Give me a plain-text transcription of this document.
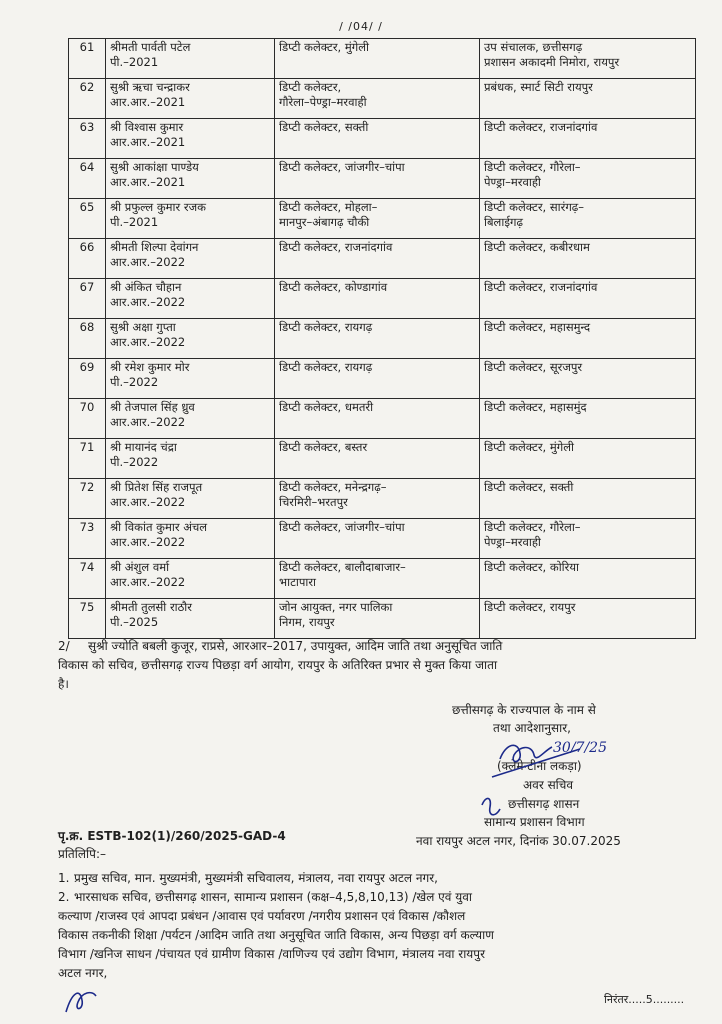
/ /04/ /
61	श्रीमती पार्वती पटेल
पी.–2021	डिप्टी कलेक्टर, मुंगेली	उप संचालक, छत्तीसगढ़
प्रशासन अकादमी निमोरा, रायपुर

62	सुश्री ऋचा चन्द्राकर
आर.आर.–2021	डिप्टी कलेक्टर,
गौरेला–पेण्ड्रा–मरवाही	प्रबंधक, स्मार्ट सिटी रायपुर

63	श्री विश्वास कुमार
आर.आर.–2021	डिप्टी कलेक्टर, सक्ती	डिप्टी कलेक्टर, राजनांदगांव

64	सुश्री आकांक्षा पाण्डेय
आर.आर.–2021	डिप्टी कलेक्टर, जांजगीर–चांपा	डिप्टी कलेक्टर, गौरेला–
पेण्ड्रा–मरवाही

65	श्री प्रफुल्ल कुमार रजक
पी.–2021	डिप्टी कलेक्टर, मोहला–
मानपुर–अंबागढ़ चौकी	डिप्टी कलेक्टर, सारंगढ़–
बिलाईगढ़

66	श्रीमती शिल्पा देवांगन
आर.आर.–2022	डिप्टी कलेक्टर, राजनांदगांव	डिप्टी कलेक्टर, कबीरधाम

67	श्री अंकित चौहान
आर.आर.–2022	डिप्टी कलेक्टर, कोण्डागांव	डिप्टी कलेक्टर, राजनांदगांव

68	सुश्री अक्षा गुप्ता
आर.आर.–2022	डिप्टी कलेक्टर, रायगढ़	डिप्टी कलेक्टर, महासमुन्द

69	श्री रमेश कुमार मोर
पी.–2022	डिप्टी कलेक्टर, रायगढ़	डिप्टी कलेक्टर, सूरजपुर

70	श्री तेजपाल सिंह ध्रुव
आर.आर.–2022	डिप्टी कलेक्टर, धमतरी	डिप्टी कलेक्टर, महासमुंद

71	श्री मायानंद चंद्रा
पी.–2022	डिप्टी कलेक्टर, बस्तर	डिप्टी कलेक्टर, मुंगेली

72	श्री प्रितेश सिंह राजपूत
आर.आर.–2022	डिप्टी कलेक्टर, मनेन्द्रगढ़–
चिरमिरी–भरतपुर	डिप्टी कलेक्टर, सक्ती

73	श्री विकांत कुमार अंचल
आर.आर.–2022	डिप्टी कलेक्टर, जांजगीर–चांपा	डिप्टी कलेक्टर, गौरेला–
पेण्ड्रा–मरवाही

74	श्री अंशुल वर्मा
आर.आर.–2022	डिप्टी कलेक्टर, बालौदाबाजार–
भाटापारा	डिप्टी कलेक्टर, कोरिया

75	श्रीमती तुलसी राठौर
पी.–2025	जोन आयुक्त, नगर पालिका
निगम, रायपुर	डिप्टी कलेक्टर, रायपुर
2/ सुश्री ज्योति बबली कुजूर, राप्रसे, आरआर–2017, उपायुक्त, आदिम जाति तथा अनुसूचित जाति
विकास को सचिव, छत्तीसगढ़ राज्य पिछड़ा वर्ग आयोग, रायपुर के अतिरिक्त प्रभार से मुक्त किया जाता
है।
छत्तीसगढ़ के राज्यपाल के नाम से
तथा आदेशानुसार,
30/7/25
(क्लेमेन्टीना लकड़ा)
अवर सचिव
छत्तीसगढ़ शासन
सामान्य प्रशासन विभाग
नवा रायपुर अटल नगर, दिनांक 30.07.2025
पृ.क्र. ESTB-102(1)/260/2025-GAD-4
प्रतिलिपि:–
1. प्रमुख सचिव, मान. मुख्यमंत्री, मुख्यमंत्री सचिवालय, मंत्रालय, नवा रायपुर अटल नगर,
2. भारसाधक सचिव, छत्तीसगढ़ शासन, सामान्य प्रशासन (कक्ष–4,5,8,10,13) /खेल एवं युवा
कल्याण /राजस्व एवं आपदा प्रबंधन /आवास एवं पर्यावरण /नगरीय प्रशासन एवं विकास /कौशल
विकास तकनीकी शिक्षा /पर्यटन /आदिम जाति तथा अनुसूचित जाति विकास, अन्य पिछड़ा वर्ग कल्याण
विभाग /खनिज साधन /पंचायत एवं ग्रामीण विकास /वाणिज्य एवं उद्योग विभाग, मंत्रालय नवा रायपुर
अटल नगर,
निरंतर.....5.........
